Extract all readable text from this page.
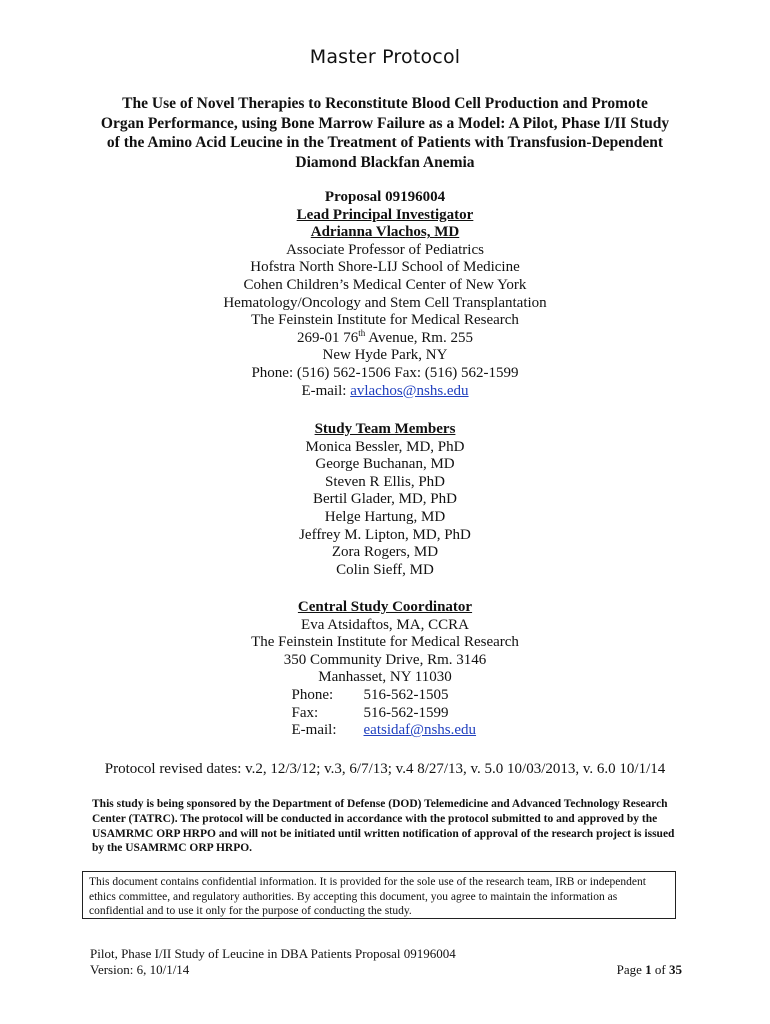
Master Protocol
The Use of Novel Therapies to Reconstitute Blood Cell Production and Promote Organ Performance, using Bone Marrow Failure as a Model: A Pilot, Phase I/II Study of the Amino Acid Leucine in the Treatment of Patients with Transfusion-Dependent Diamond Blackfan Anemia
Proposal 09196004
Lead Principal Investigator
Adrianna Vlachos, MD
Associate Professor of Pediatrics
Hofstra North Shore-LIJ School of Medicine
Cohen Children’s Medical Center of New York
Hematology/Oncology and Stem Cell Transplantation
The Feinstein Institute for Medical Research
269-01 76th Avenue, Rm. 255
New Hyde Park, NY
Phone: (516) 562-1506 Fax: (516) 562-1599
E-mail: avlachos@nshs.edu
Study Team Members
Monica Bessler, MD, PhD
George Buchanan, MD
Steven R Ellis, PhD
Bertil Glader, MD, PhD
Helge Hartung, MD
Jeffrey M. Lipton, MD, PhD
Zora Rogers, MD
Colin Sieff, MD
Central Study Coordinator
Eva Atsidaftos, MA, CCRA
The Feinstein Institute for Medical Research
350 Community Drive, Rm. 3146
Manhasset, NY 11030
Phone:	516-562-1505
Fax:	516-562-1599
E-mail:	eatsidaf@nshs.edu
Protocol revised dates: v.2, 12/3/12; v.3, 6/7/13; v.4 8/27/13, v. 5.0 10/03/2013, v. 6.0 10/1/14
This study is being sponsored by the Department of Defense (DOD) Telemedicine and Advanced Technology Research Center (TATRC). The protocol will be conducted in accordance with the protocol submitted to and approved by the USAMRMC ORP HRPO and will not be initiated until written notification of approval of the research project is issued by the USAMRMC ORP HRPO.
This document contains confidential information. It is provided for the sole use of the research team, IRB or independent ethics committee, and regulatory authorities. By accepting this document, you agree to maintain the information as confidential and to use it only for the purpose of conducting the study.
Pilot, Phase I/II Study of Leucine in DBA Patients Proposal 09196004
Version: 6, 10/1/14	Page 1 of 35
